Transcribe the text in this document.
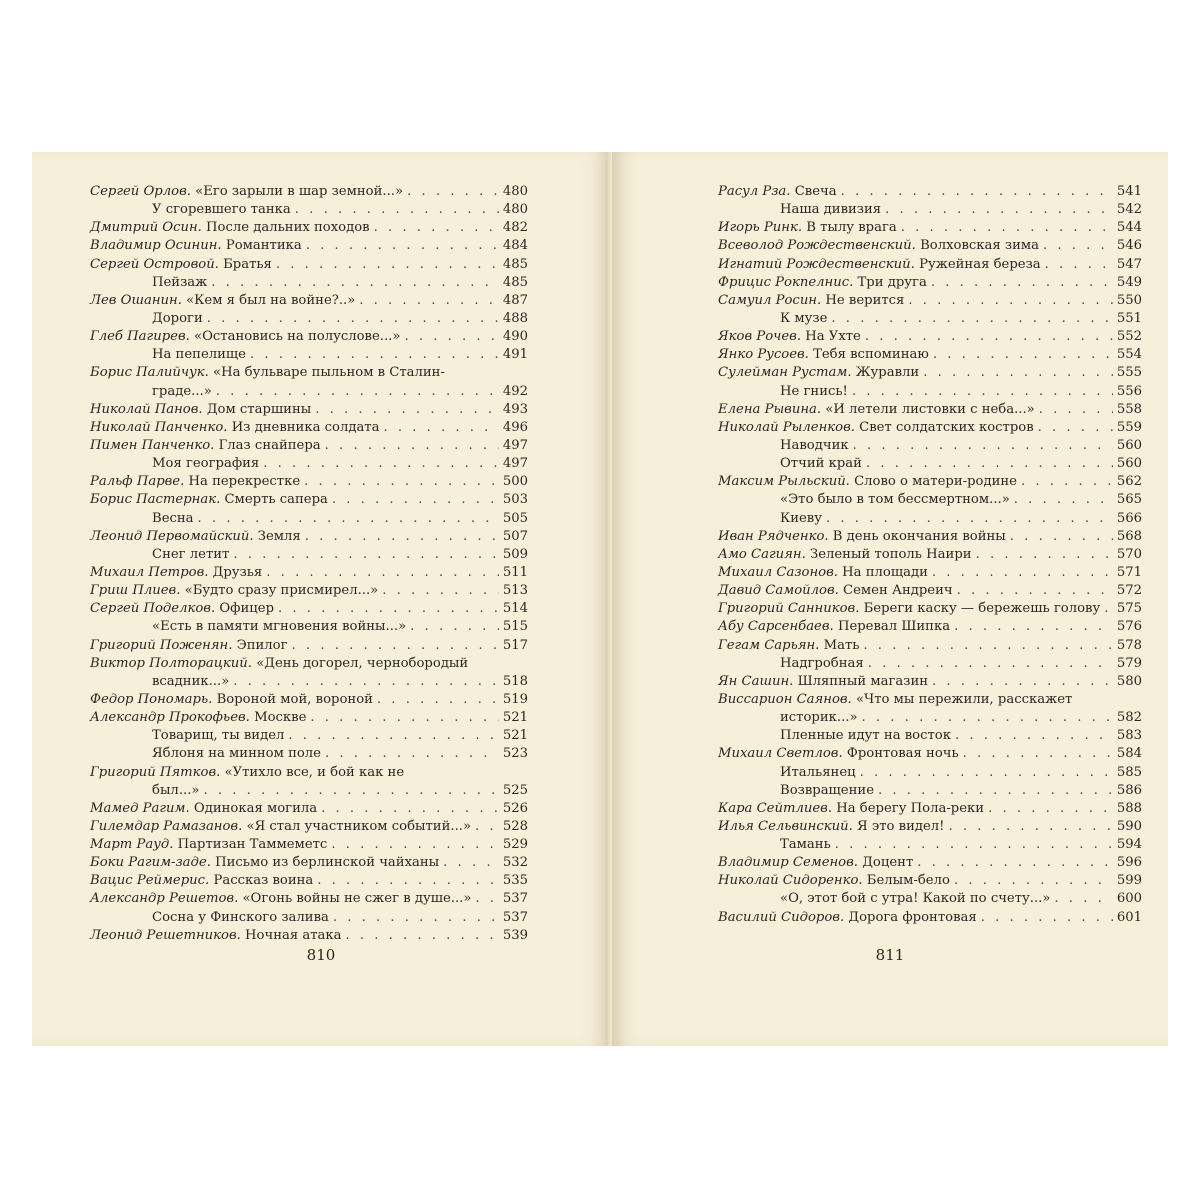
Сергей Орлов.
«Его зарыли в шар земной...» . . .	480
У сгоревшего танка . . .	480
Дмитрий Осин.
После дальних походов . . .	482
Владимир Осинин.
Романтика . . .	484
Сергей Островой.
Братья . . .	485
Пейзаж . . .	485
Лев Ошанин.
«Кем я был на войне?..» . . .	487
Дороги . . .	488
Глеб Пагирев.
«Остановись на полуслове...» . . .	490
На пепелище . . .	491
Борис Палийчук.
«На бульваре пыльном в Сталин-
граде...» . . .	492
Николай Панов.
Дом старшины . . .	493
Николай Панченко.
Из дневника солдата . . .	496
Пимен Панченко.
Глаз снайпера . . .	497
Моя география . . .	497
Ральф Парве.
На перекрестке . . .	500
Борис Пастернак.
Смерть сапера . . .	503
Весна . . .	505
Леонид Первомайский.
Земля . . .	507
Снег летит . . .	509
Михаил Петров.
Друзья . . .	511
Гриш Плиев.
«Будто сразу присмирел...» . . .	513
Сергей Поделков.
Офицер . . .	514
«Есть в памяти мгновения войны...» . . .	515
Григорий Поженян.
Эпилог . . .	517
Виктор Полторацкий.
«День догорел, чернобородый
всадник...» . . .	518
Федор Пономарь.
Вороной мой, вороной . . .	519
Александр Прокофьев.
Москве . . .	521
Товарищ, ты видел . . .	521
Яблоня на минном поле . . .	523
Григорий Пятков.
«Утихло все, и бой как не
был...» . . .	525
Мамед Рагим.
Одинокая могила . . .	526
Гилемдар Рамазанов.
«Я стал участником событий...» . . . 528
Март Рауд.
Партизан Таммеметс . . .	529
Боки Рагим-заде.
Письмо из берлинской чайханы . . .	532
Вацис Реймерис.
Рассказ воина . . .	535
Александр Решетов.
«Огонь войны не сжег в душе...» . . . 537
Сосна у Финского залива . . .	537
Леонид Решетников.
Ночная атака . . .	539
810
Расул Рза.
Свеча . . .	541
Наша дивизия . . .	542
Игорь Ринк.
В тылу врага . . .	544
Всеволод Рождественский.
Волховская зима . . .	546
Игнатий Рождественский.
Ружейная береза . . .	547
Фрицис Рокпелнис.
Три друга . . .	549
Самуил Росин.
Не верится . . .	550
К музе . . .	551
Яков Рочев.
На Ухте . . .	552
Янко Русоев.
Тебя вспоминаю . . .	554
Сулейман Рустам.
Журавли . . .	555
Не гнись! . . .	556
Елена Рывина.
«И летели листовки с неба...» . . .	558
Николай Рыленков.
Свет солдатских костров . . .	559
Наводчик . . .	560
Отчий край . . .	560
Максим Рыльский.
Слово о матери-родине . . .	562
«Это было в том бессмертном...» . . .	565
Киеву . . .	566
Иван Рядченко.
В день окончания войны . . .	568
Амо Сагиян.
Зеленый тополь Наири . . .	570
Михаил Сазонов.
На площади . . .	571
Давид Самойлов.
Семен Андреич . . .	572
Григорий Санников.
Береги каску — бережешь голову . . . 575
Абу Сарсенбаев.
Перевал Шипка . . .	576
Гегам Сарьян.
Мать . . .	578
Надгробная . . .	579
Ян Сашин.
Шляпный магазин . . .	580
Виссарион Саянов.
«Что мы пережили, расскажет
историк...» . . .	582
Пленные идут на восток . . .	583
Михаил Светлов.
Фронтовая ночь . . .	584
Итальянец . . .	585
Возвращение . . .	586
Кара Сейтлиев.
На берегу Пола-реки . . .	588
Илья Сельвинский.
Я это видел! . . .	590
Тамань . . .	594
Владимир Семенов.
Доцент . . .	596
Николай Сидоренко.
Белым-бело . . .	599
«О, этот бой с утра! Какой по счету...» . . .	600
Василий Сидоров.
Дорога фронтовая . . .	601
811
